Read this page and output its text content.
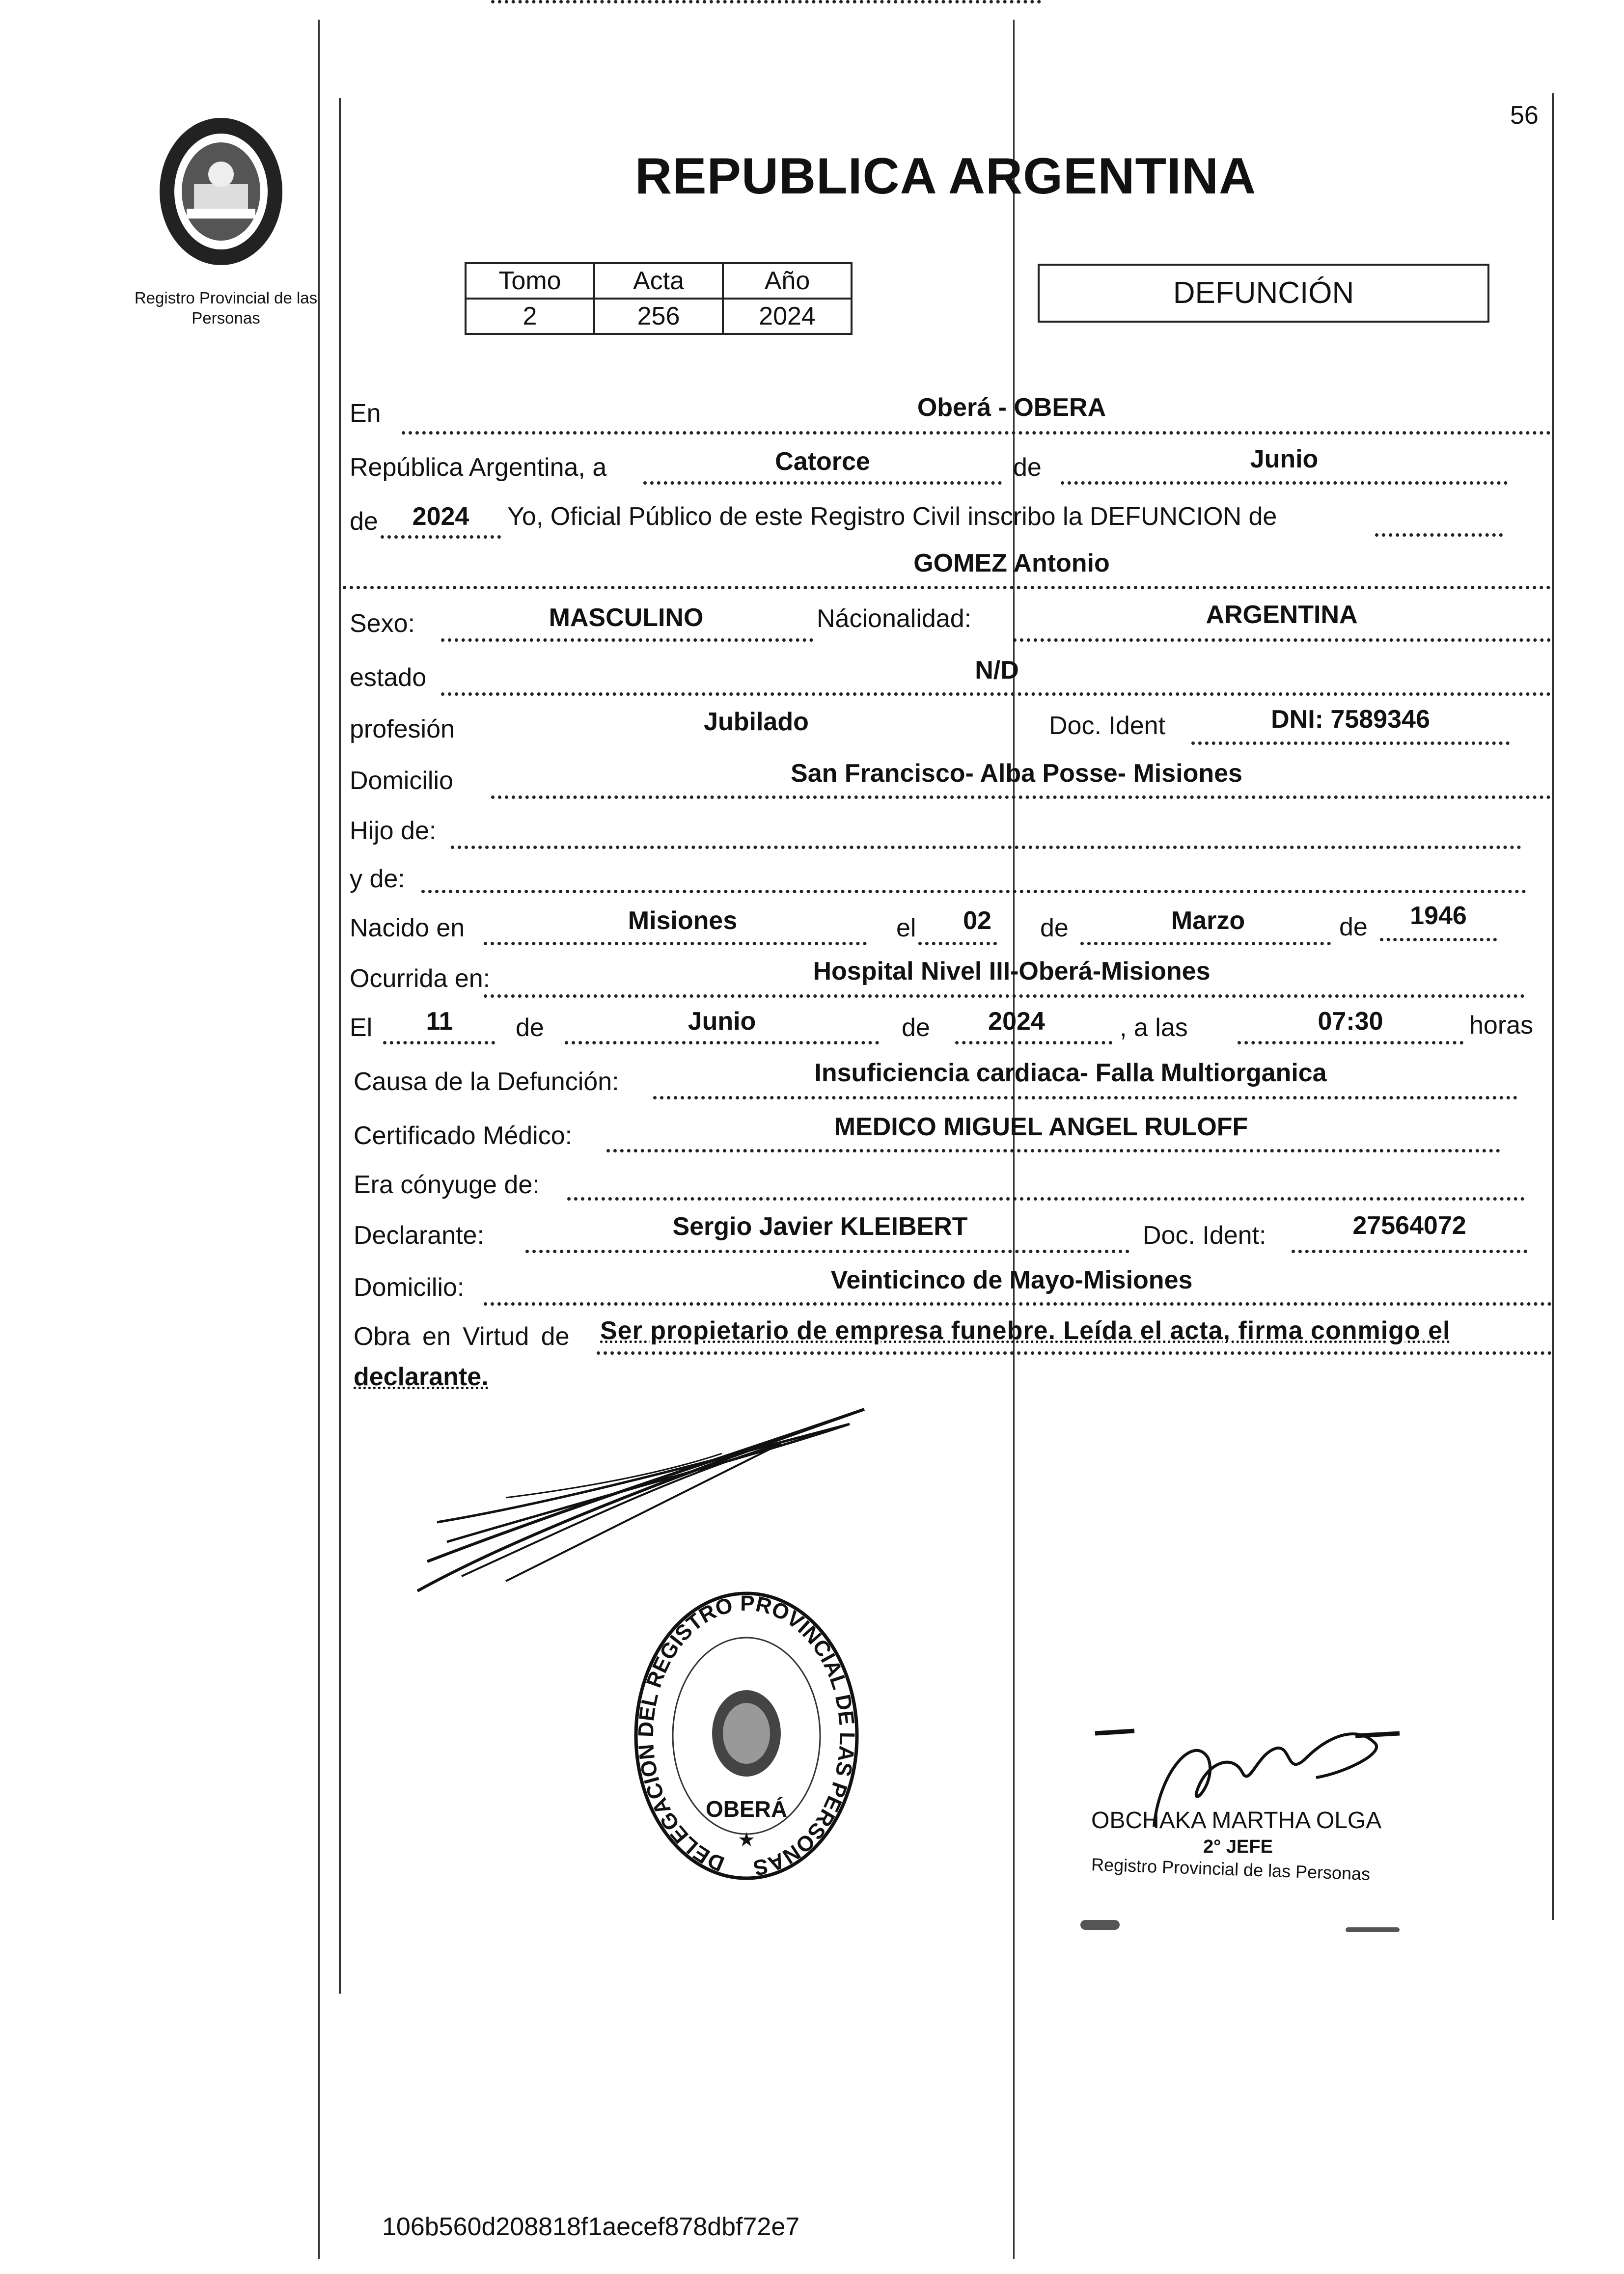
Registro Provincial de las Personas
56
REPUBLICA ARGENTINA
Tomo	Acta	Año
2	256	2024
DEFUNCIÓN
En	Oberá - OBERA
República Argentina, a	Catorce	de	Junio
de	2024	Yo, Oficial Público de este Registro Civil inscribo la DEFUNCION de
GOMEZ Antonio
Sexo:	MASCULINO	Nácionalidad:	ARGENTINA
estado	N/D
profesión	Jubilado	Doc. Ident	DNI: 7589346
Domicilio	San Francisco- Alba Posse- Misiones
Hijo de:
y de:
Nacido en	Misiones	el	02	de	Marzo	de	1946
Ocurrida en:	Hospital Nivel III-Oberá-Misiones
El	11	de	Junio	de	2024	, a las	07:30	horas
Causa de la Defunción:	Insuficiencia cardiaca- Falla Multiorganica
Certificado Médico:	MEDICO MIGUEL ANGEL RULOFF
Era cónyuge de:
Declarante:	Sergio Javier KLEIBERT	Doc. Ident:	27564072
Domicilio:	Veinticinco de Mayo-Misiones
Obra en Virtud de Ser propietario de empresa funebre. Leída el acta, firma conmigo el
declarante.
DELEGACION DEL REGISTRO PROVINCIAL DE LAS PERSONAS
OBERÁ
★
OBCHAKA MARTHA OLGA
2° JEFE
Registro Provincial de las Personas
106b560d208818f1aecef878dbf72e7
